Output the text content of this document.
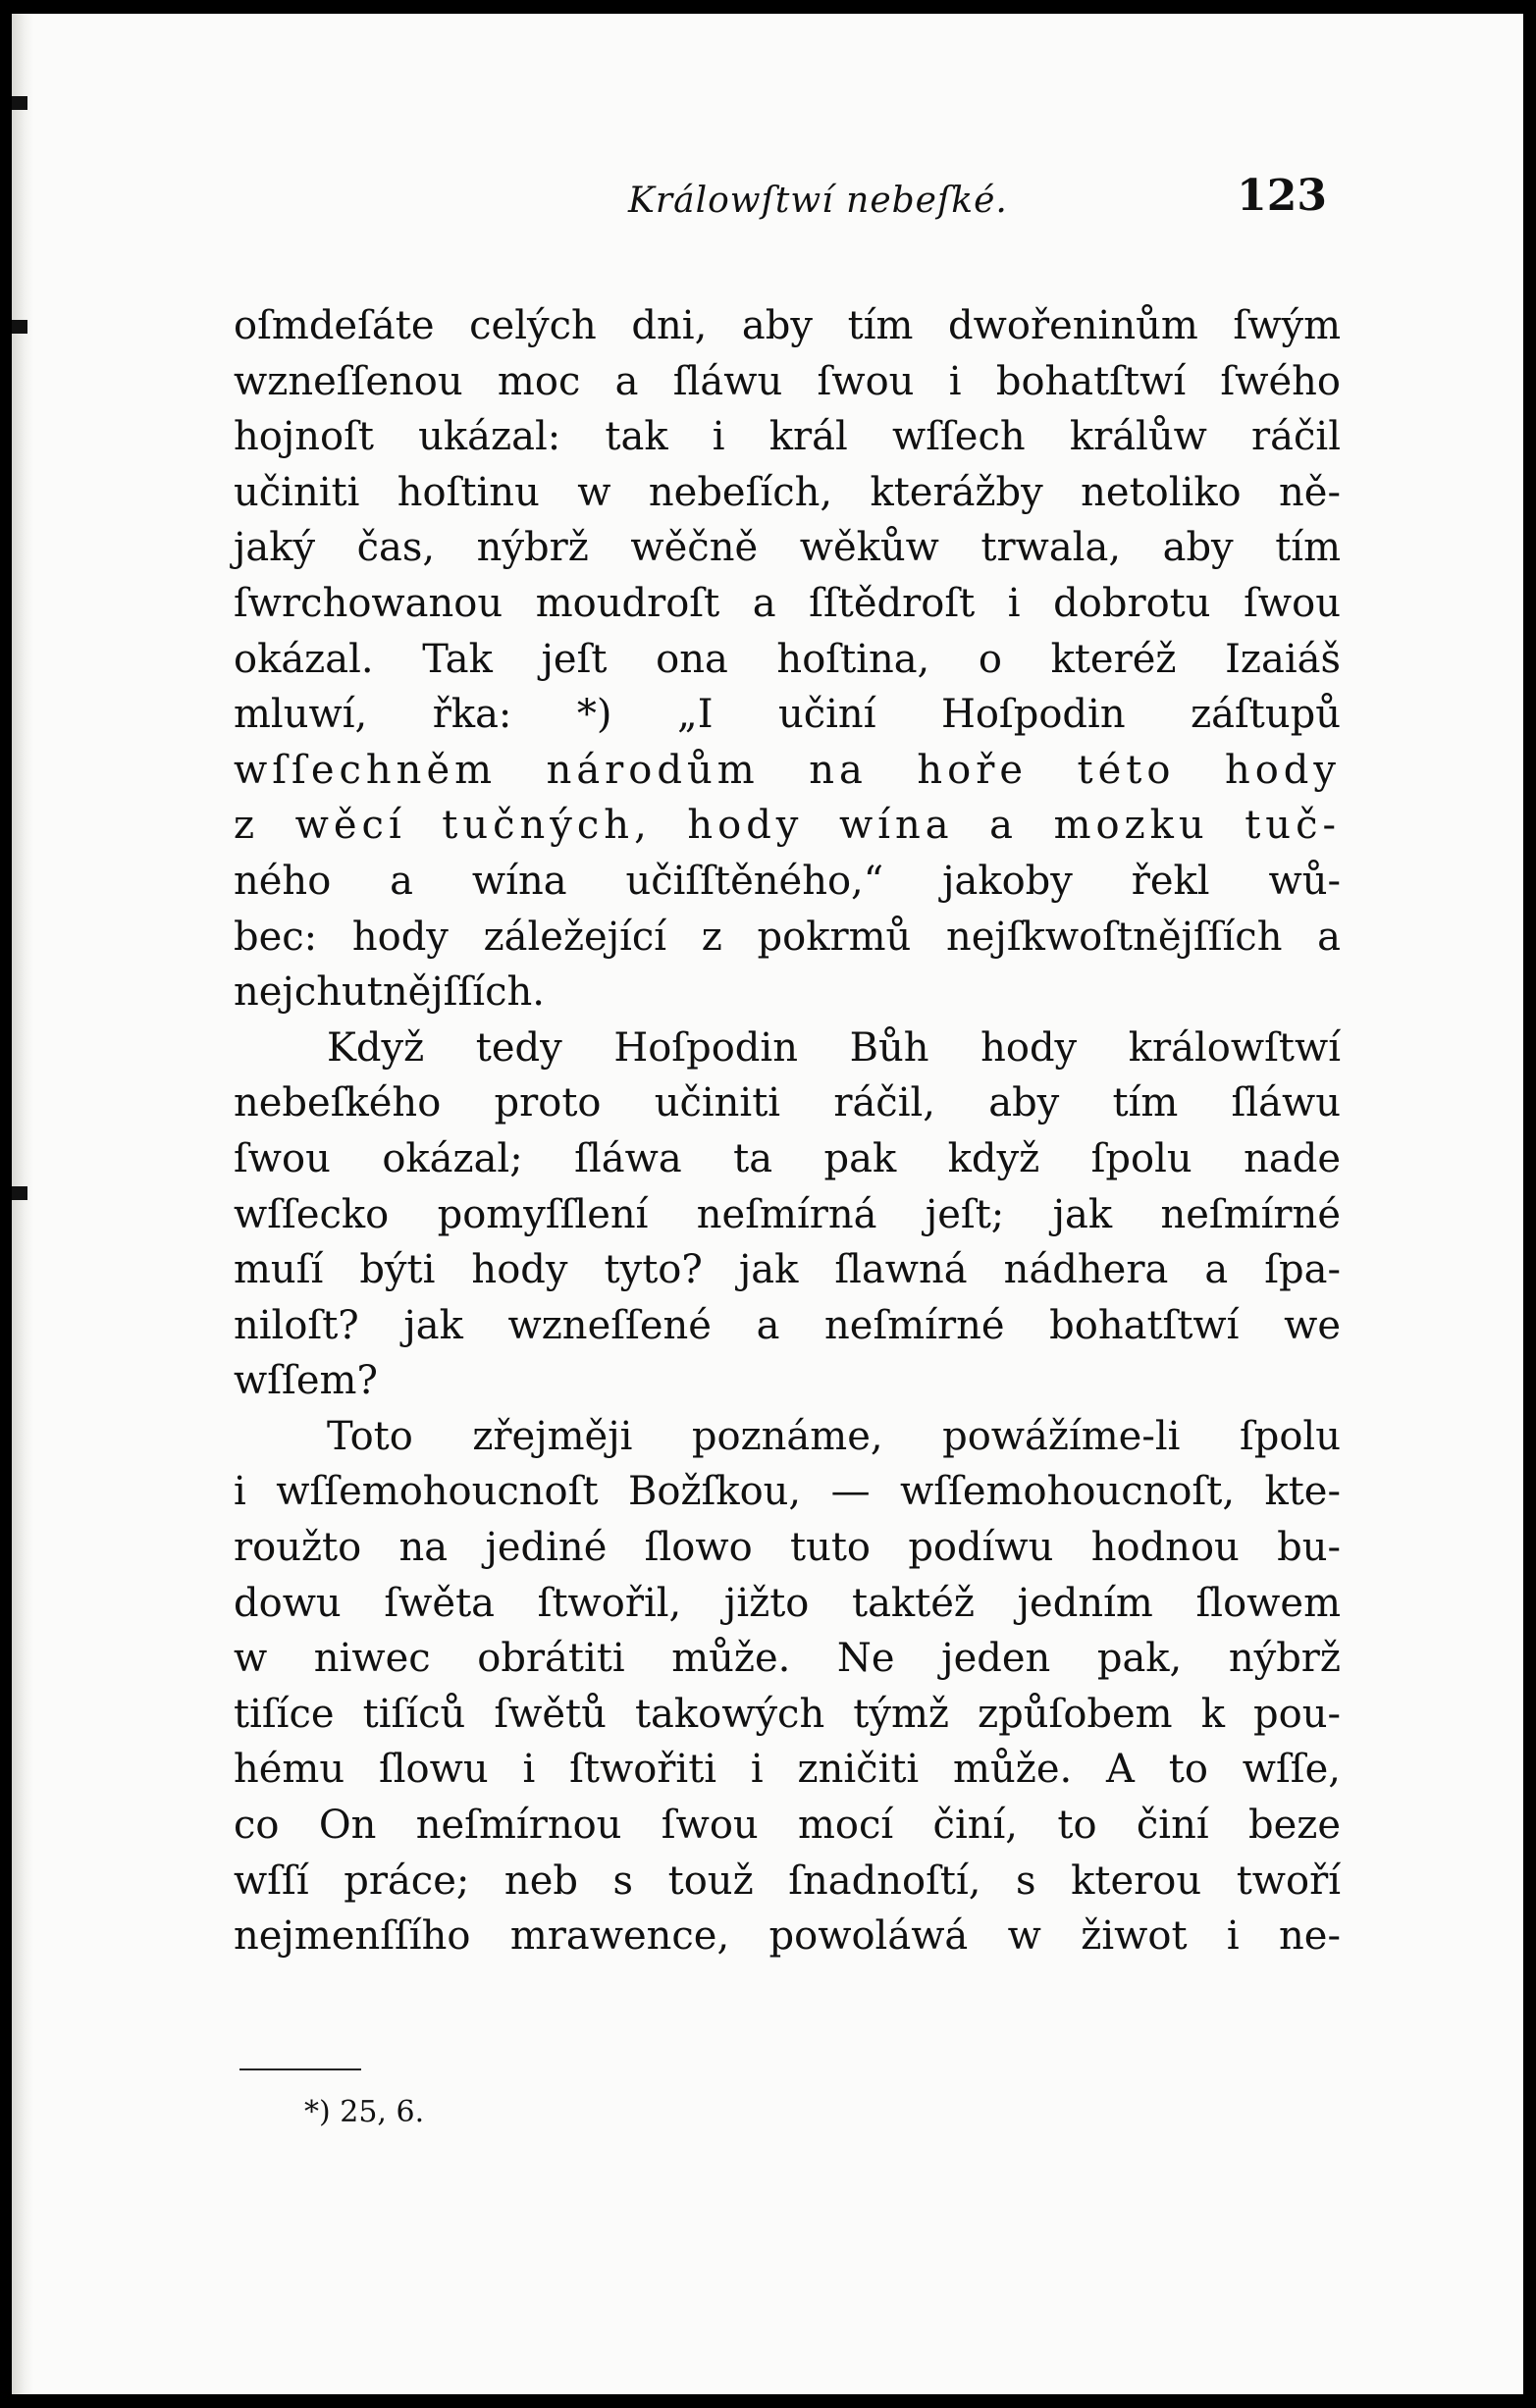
Králowſtwí nebeſké.	123
oſmdeſáte celých dni, aby tím dwořeninům ſwým
wzneſſenou moc a ſláwu ſwou i bohatſtwí ſwého
hojnoſt ukázal: tak i král wſſech králůw ráčil
učiniti hoſtinu w nebeſích, kterážby netoliko ně-
jaký čas, nýbrž wěčně wěkůw trwala, aby tím
ſwrchowanou moudroſt a ſſtědroſt i dobrotu ſwou
okázal. Tak jeſt ona hoſtina, o kteréž Izaiáš
mluwí, řka: *) „I učiní Hoſpodin záſtupů
wſſechněm národům na hoře této hody
z wěcí tučných, hody wína a mozku tuč-
ného a wína učiſſtěného,“ jakoby řekl wů-
bec: hody záležející z pokrmů nejſkwoſtnějſſích a
nejchutnějſſích.
Když tedy Hoſpodin Bůh hody králowſtwí
nebeſkého proto učiniti ráčil, aby tím ſláwu
ſwou okázal; ſláwa ta pak když ſpolu nade
wſſecko pomyſſlení neſmírná jeſt; jak neſmírné
muſí býti hody tyto? jak ſlawná nádhera a ſpa-
niloſt? jak wzneſſené a neſmírné bohatſtwí we
wſſem?
Toto zřejměji poznáme, powážíme-li ſpolu
i wſſemohoucnoſt Božſkou, — wſſemohoucnoſt, kte-
roužto na jediné ſlowo tuto podíwu hodnou bu-
dowu ſwěta ſtwořil, jižto taktéž jedním ſlowem
w niwec obrátiti může. Ne jeden pak, nýbrž
tiſíce tiſíců ſwětů takowých týmž způſobem k pou-
hému ſlowu i ſtwořiti i zničiti může. A to wſſe,
co On neſmírnou ſwou mocí činí, to činí beze
wſſí práce; neb s touž ſnadnoſtí, s kterou twoří
nejmenſſího mrawence, powoláwá w žiwot i ne-
*) 25, 6.
